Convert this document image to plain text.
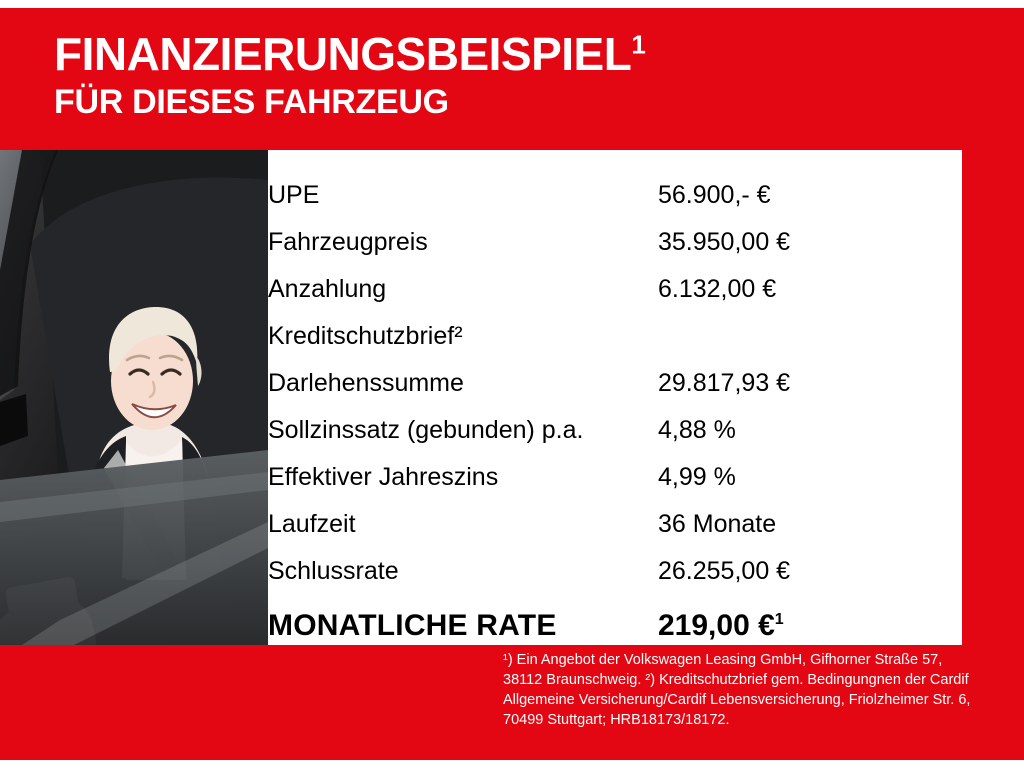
FINANZIERUNGSBEISPIEL$^1$
FÜR DIESES FAHRZEUG
UPE	56.900,- €
Fahrzeugpreis	35.950,00 €
Anzahlung	6.132,00 €
Kreditschutzbrief²	
Darlehenssumme	29.817,93 €
Sollzinssatz (gebunden) p.a.	4,88 %
Effektiver Jahreszins	4,99 %
Laufzeit	36 Monate
Schlussrate	26.255,00 €
MONATLICHE RATE	219,00 €$^1$
¹) Ein Angebot der Volkswagen Leasing GmbH, Gifhorner Straße 57, 38112 Braunschweig. ²) Kreditschutzbrief gem. Bedingungnen der Cardif Allgemeine Versicherung/Cardif Lebensversicherung, Friolzheimer Str. 6, 70499 Stuttgart; HRB18173/18172.
